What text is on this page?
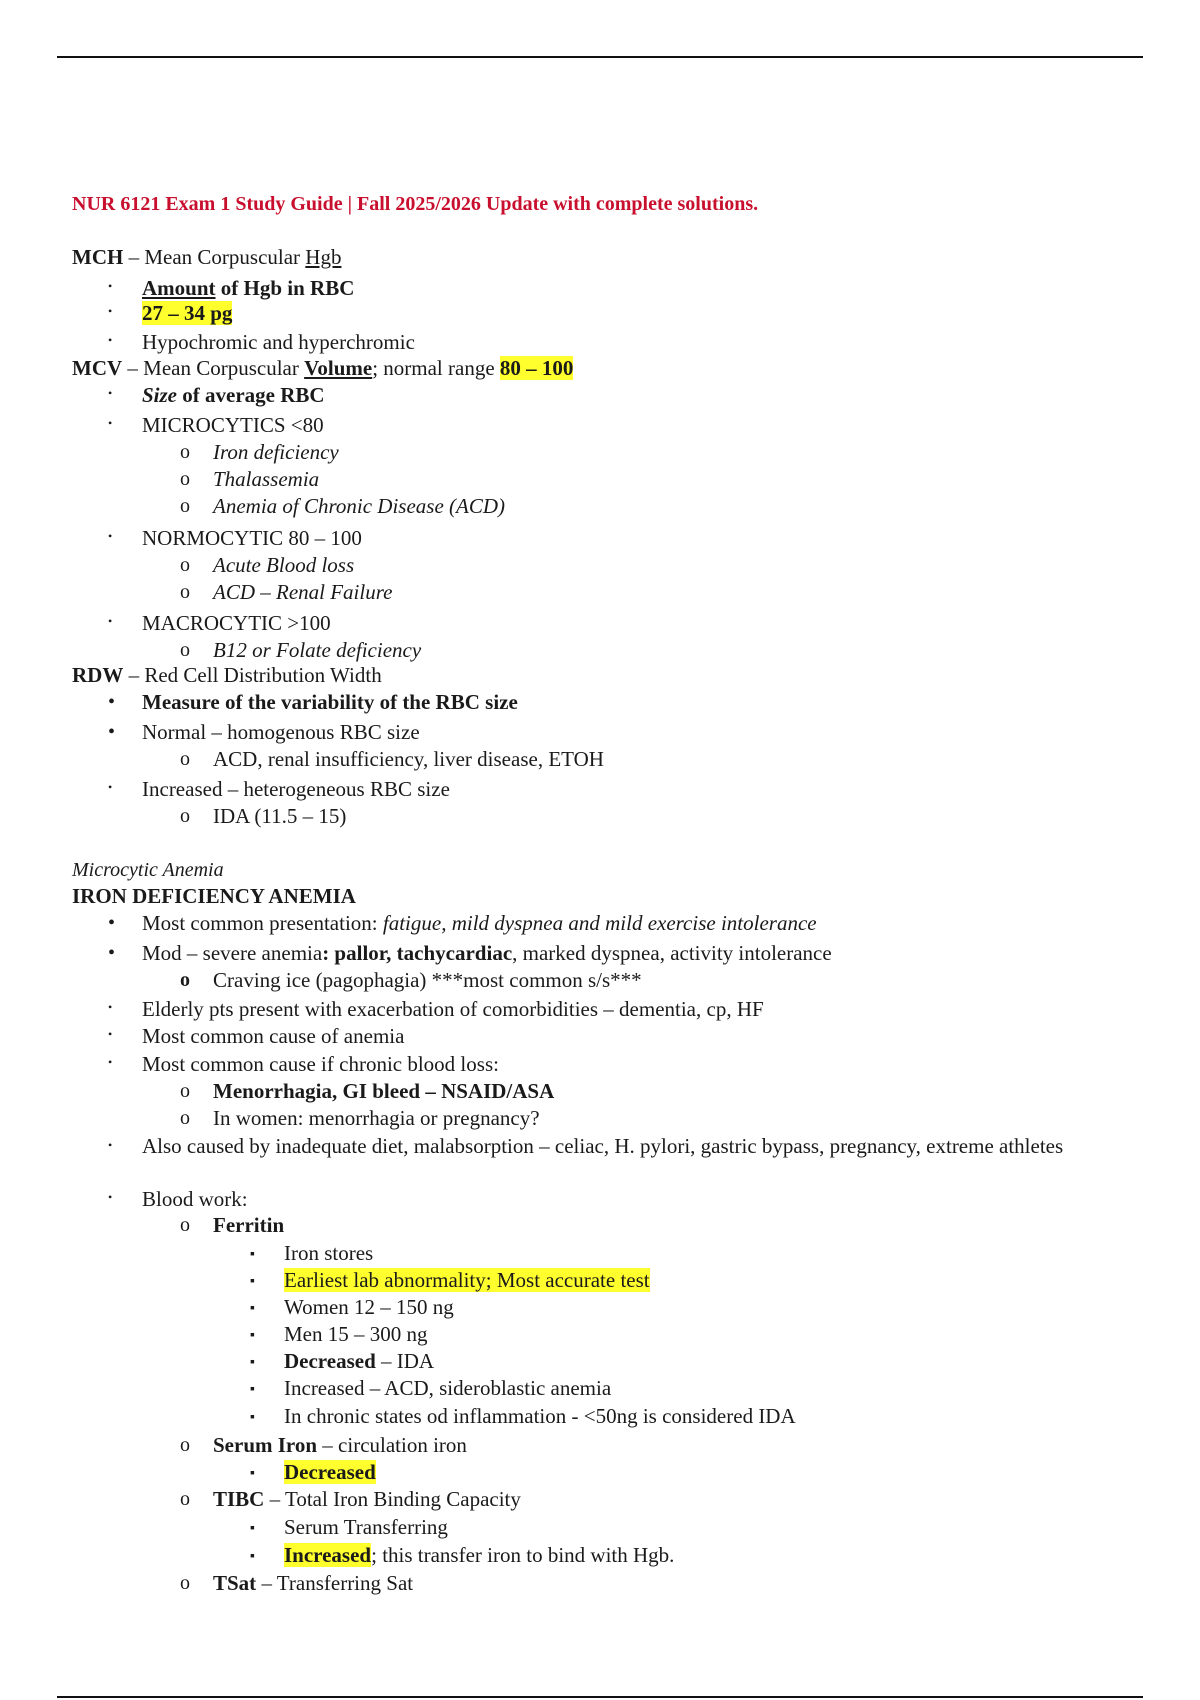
NUR 6121 Exam 1 Study Guide | Fall 2025/2026 Update with complete solutions.
MCH – Mean Corpuscular Hgb
• Amount of Hgb in RBC
• 27 – 34 pg
• Hypochromic and hyperchromic
MCV – Mean Corpuscular Volume; normal range 80 – 100
• Size of average RBC
• MICROCYTICS <80
o Iron deficiency
o Thalassemia
o Anemia of Chronic Disease (ACD)
• NORMOCYTIC 80 – 100
o Acute Blood loss
o ACD – Renal Failure
• MACROCYTIC >100
o B12 or Folate deficiency
RDW – Red Cell Distribution Width
• Measure of the variability of the RBC size
• Normal – homogenous RBC size
o ACD, renal insufficiency, liver disease, ETOH
• Increased – heterogeneous RBC size
o IDA (11.5 – 15)
Microcytic Anemia
IRON DEFICIENCY ANEMIA
• Most common presentation: fatigue, mild dyspnea and mild exercise intolerance
• Mod – severe anemia: pallor, tachycardiac, marked dyspnea, activity intolerance
o Craving ice (pagophagia) ***most common s/s***
• Elderly pts present with exacerbation of comorbidities – dementia, cp, HF
• Most common cause of anemia
• Most common cause if chronic blood loss:
o Menorrhagia, GI bleed – NSAID/ASA
o In women: menorrhagia or pregnancy?
• Also caused by inadequate diet, malabsorption – celiac, H. pylori, gastric bypass, pregnancy, extreme athletes
• Blood work:
o Ferritin
▪ Iron stores
▪ Earliest lab abnormality; Most accurate test
▪ Women 12 – 150 ng
▪ Men 15 – 300 ng
▪ Decreased – IDA
▪ Increased – ACD, sideroblastic anemia
▪ In chronic states od inflammation - <50ng is considered IDA
o Serum Iron – circulation iron
▪ Decreased
o TIBC – Total Iron Binding Capacity
▪ Serum Transferring
▪ Increased; this transfer iron to bind with Hgb.
o TSat – Transferring Sat
